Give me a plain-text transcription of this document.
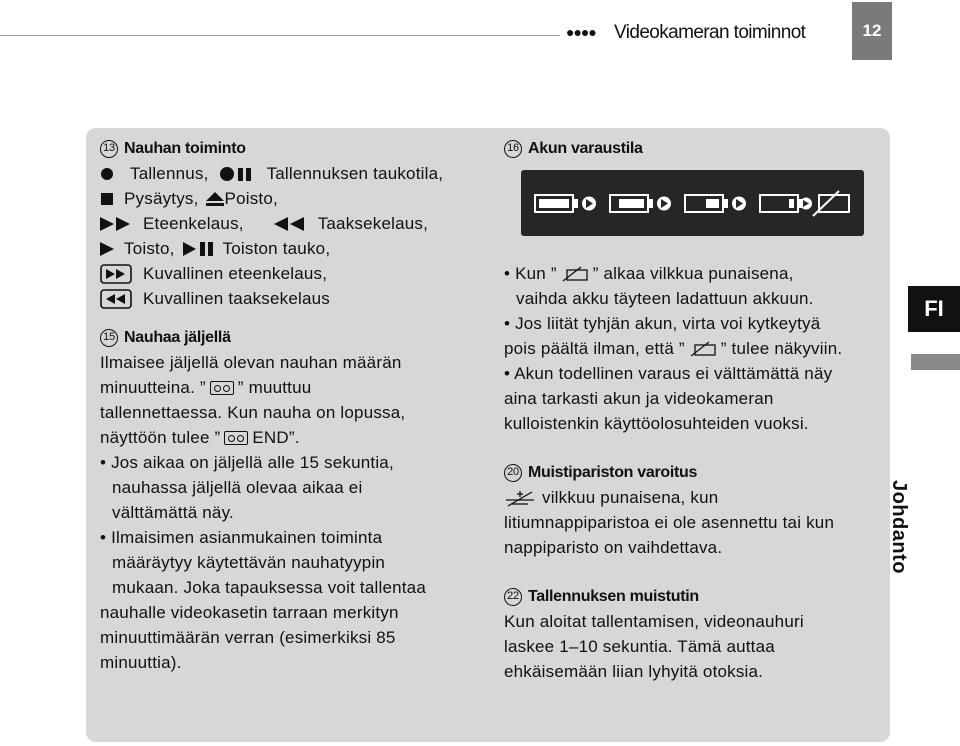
●●●● Videokameran toiminnot	12
13 Nauhan toiminto
Tallennus,	Tallennuksen taukotila,
Pysäytys, Poisto,
Eteenkelaus,	Taaksekelaus,
Toisto,	Toiston tauko,
Kuvallinen eteenkelaus,
Kuvallinen taaksekelaus
15 Nauhaa jäljellä
Ilmaisee jäljellä olevan nauhan määrän
minuutteina. ” ” muuttuu
tallennettaessa. Kun nauha on lopussa,
näyttöön tulee ” END”.
• Jos aikaa on jäljellä alle 15 sekuntia,
nauhassa jäljellä olevaa aikaa ei
välttämättä näy.
• Ilmaisimen asianmukainen toiminta
määräytyy käytettävän nauhatyypin
mukaan. Joka tapauksessa voit tallentaa
nauhalle videokasetin tarraan merkityn
minuuttimäärän verran (esimerkiksi 85
minuuttia).
16 Akun varaustila
• Kun ” ” alkaa vilkkua punaisena,
vaihda akku täyteen ladattuun akkuun.
• Jos liität tyhjän akun, virta voi kytkeytyä
pois päältä ilman, että ” ” tulee näkyviin.
• Akun todellinen varaus ei välttämättä näy
aina tarkasti akun ja videokameran
kulloistenkin käyttöolosuhteiden vuoksi.
20 Muistipariston varoitus
vilkkuu punaisena, kun
litiumnappiparistoa ei ole asennettu tai kun
nappiparisto on vaihdettava.
22 Tallennuksen muistutin
Kun aloitat tallentamisen, videonauhuri
laskee 1–10 sekuntia. Tämä auttaa
ehkäisemään liian lyhyitä otoksia.
FI
Johdanto
